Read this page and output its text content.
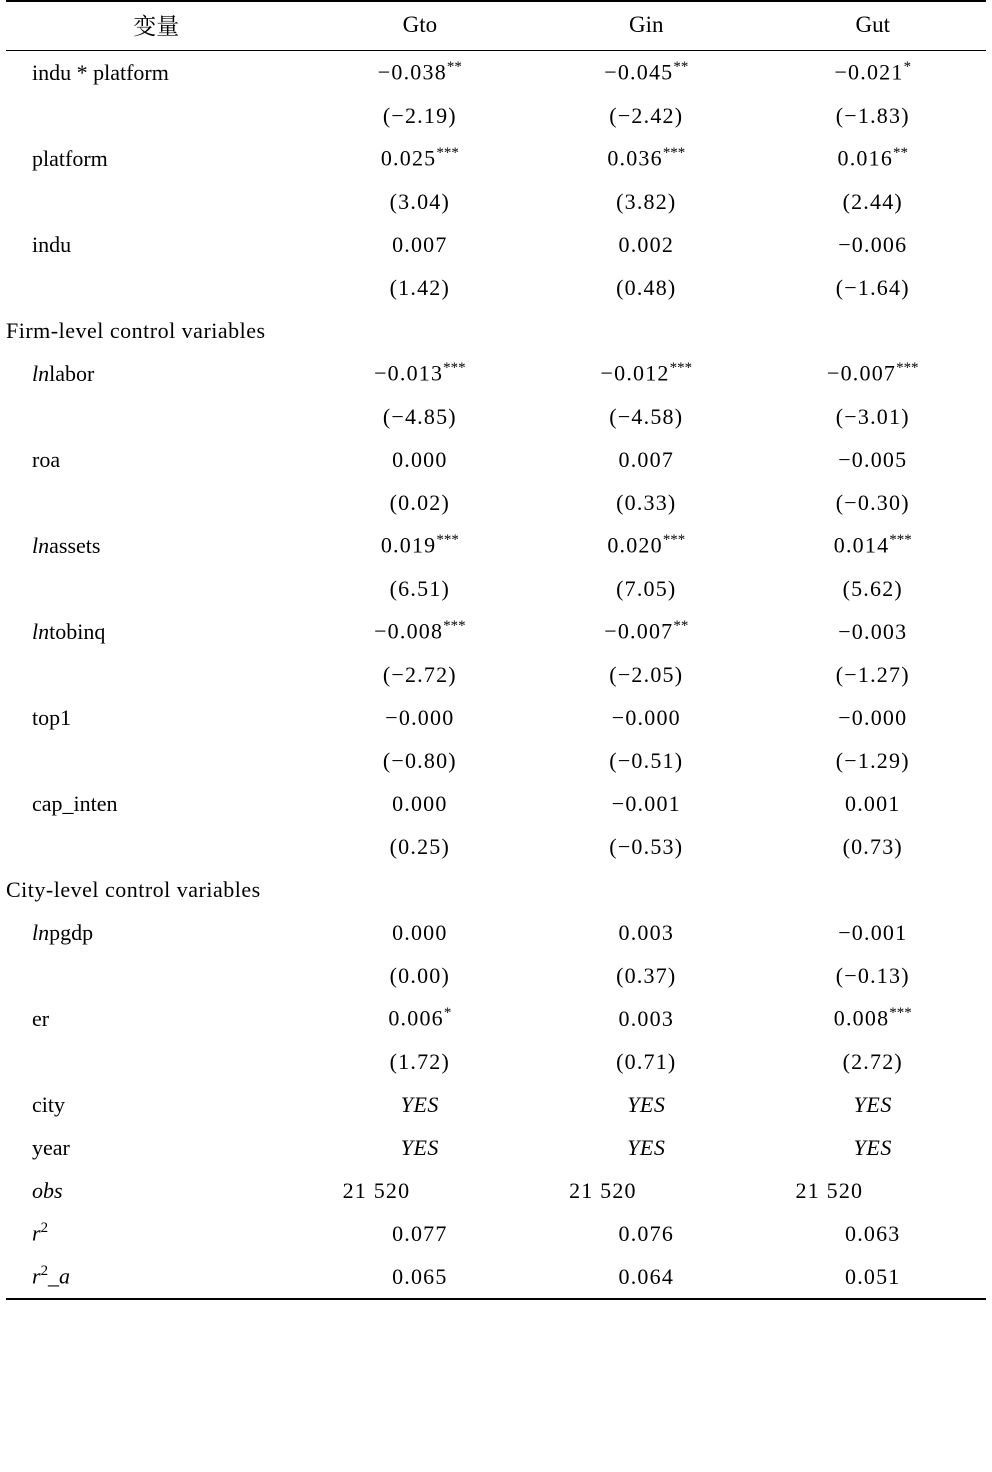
变量	Gto	Gin	Gut
indu * platform	−0.038**	−0.045**	−0.021*
	(−2.19)	(−2.42)	(−1.83)
platform	0.025***	0.036***	0.016**
	(3.04)	(3.82)	(2.44)
indu	0.007	0.002	−0.006
	(1.42)	(0.48)	(−1.64)
Firm-level control variables			
lnlabor	−0.013***	−0.012***	−0.007***
	(−4.85)	(−4.58)	(−3.01)
roa	0.000	0.007	−0.005
	(0.02)	(0.33)	(−0.30)
lnassets	0.019***	0.020***	0.014***
	(6.51)	(7.05)	(5.62)
lntobinq	−0.008***	−0.007**	−0.003
	(−2.72)	(−2.05)	(−1.27)
top1	−0.000	−0.000	−0.000
	(−0.80)	(−0.51)	(−1.29)
cap_inten	0.000	−0.001	0.001
	(0.25)	(−0.53)	(0.73)
City-level control variables			
lnpgdp	0.000	0.003	−0.001
	(0.00)	(0.37)	(−0.13)
er	0.006*	0.003	0.008***
	(1.72)	(0.71)	(2.72)
city	YES	YES	YES
year	YES	YES	YES
obs	21 520	21 520	21 520
$r^2$	0.077	0.076	0.063
$r^2\_a$	0.065	0.064	0.051
